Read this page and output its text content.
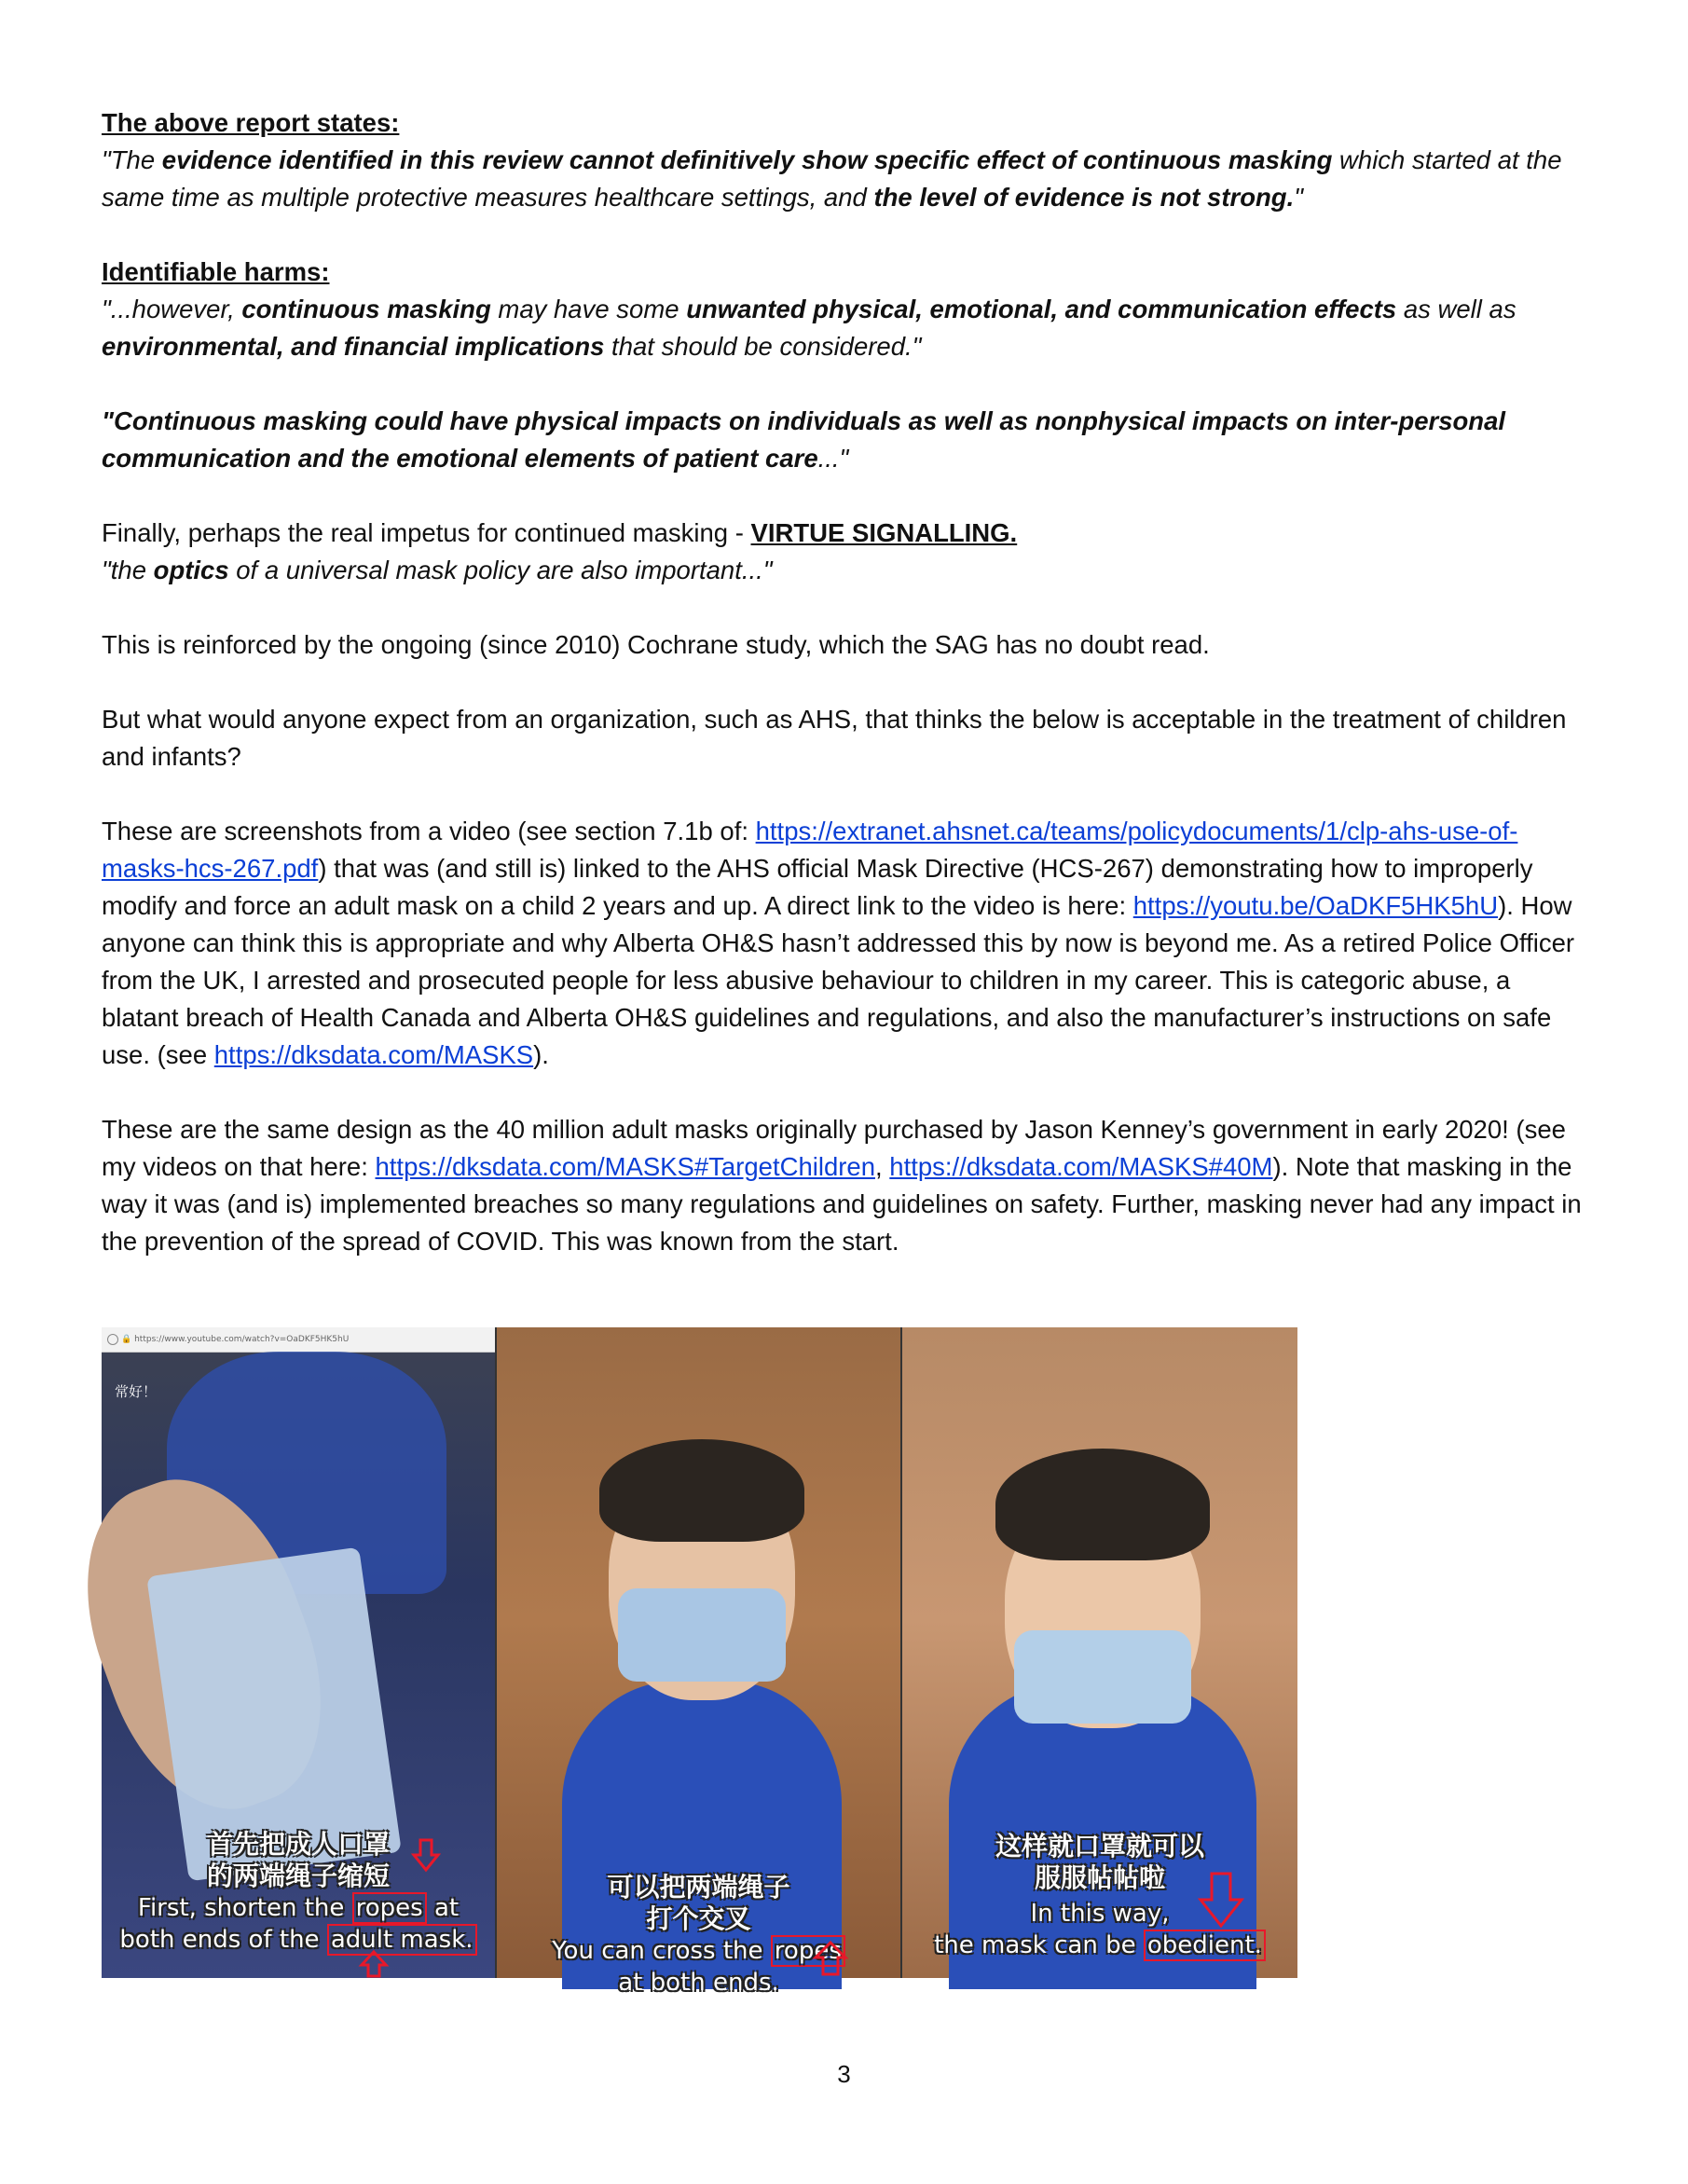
The above report states:

"The evidence identified in this review cannot definitively show specific effect of continuous masking which started at the same time as multiple protective measures healthcare settings, and the level of evidence is not strong."

Identifiable harms:

"...however, continuous masking may have some unwanted physical, emotional, and communication effects as well as environmental, and financial implications that should be considered."

"Continuous masking could have physical impacts on individuals as well as nonphysical impacts on inter-personal communication and the emotional elements of patient care..."

Finally, perhaps the real impetus for continued masking - VIRTUE SIGNALLING.

"the optics of a universal mask policy are also important..."

This is reinforced by the ongoing (since 2010) Cochrane study, which the SAG has no doubt read.

But what would anyone expect from an organization, such as AHS, that thinks the below is acceptable in the treatment of children and infants?

These are screenshots from a video (see section 7.1b of: https://extranet.ahsnet.ca/teams/policydocuments/1/clp-ahs-use-of-masks-hcs-267.pdf) that was (and still is) linked to the AHS official Mask Directive (HCS-267) demonstrating how to improperly modify and force an adult mask on a child 2 years and up. A direct link to the video is here: https://youtu.be/OaDKF5HK5hU). How anyone can think this is appropriate and why Alberta OH&S hasn’t addressed this by now is beyond me. As a retired Police Officer from the UK, I arrested and prosecuted people for less abusive behaviour to children in my career. This is categoric abuse, a blatant breach of Health Canada and Alberta OH&S guidelines and regulations, and also the manufacturer’s instructions on safe use. (see https://dksdata.com/MASKS).

These are the same design as the 40 million adult masks originally purchased by Jason Kenney’s government in early 2020! (see my videos on that here: https://dksdata.com/MASKS#TargetChildren, https://dksdata.com/MASKS#40M). Note that masking in the way it was (and is) implemented breaches so many regulations and guidelines on safety. Further, masking never had any impact in the prevention of the spread of COVID. This was known from the start.

🔒 https://www.youtube.com/watch?v=OaDKF5HK5hU
常好！
首先把成人口罩
的两端绳子缩短
First, shorten the ropes at
both ends of the adult mask.
可以把两端绳子
打个交叉
You can cross the ropes
at both ends.
这样就口罩就可以
服服帖帖啦
In this way,
the mask can be obedient.
3
